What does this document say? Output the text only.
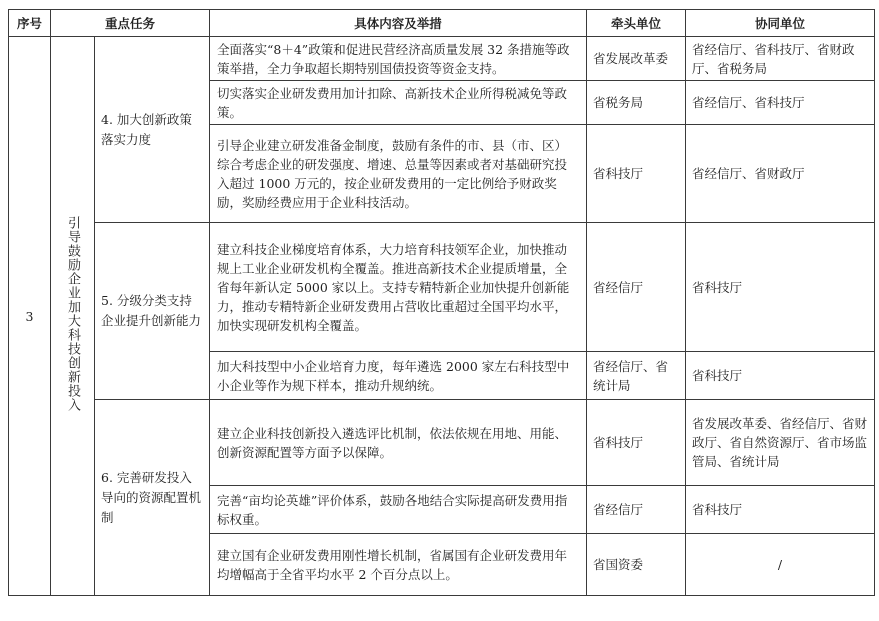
序号	重点任务		具体内容及举措	牵头单位	协同单位
3	引导鼓励企业加大科技创新投入	4. 加大创新政策落实力度	全面落实“8＋4”政策和促进民营经济高质量发展 32 条措施等政策举措，全力争取超长期特别国债投资等资金支持。	省发展改革委	省经信厅、省科技厅、省财政厅、省税务局
			切实落实企业研发费用加计扣除、高新技术企业所得税减免等政策。	省税务局	省经信厅、省科技厅
			引导企业建立研发准备金制度，鼓励有条件的市、县（市、区）综合考虑企业的研发强度、增速、总量等因素或者对基础研究投入超过 1000 万元的，按企业研发费用的一定比例给予财政奖励，奖励经费应用于企业科技活动。	省科技厅	省经信厅、省财政厅
		5. 分级分类支持企业提升创新能力	建立科技企业梯度培育体系，大力培育科技领军企业，加快推动规上工业企业研发机构全覆盖。推进高新技术企业提质增量，全省每年新认定 5000 家以上。支持专精特新企业加快提升创新能力，推动专精特新企业研发费用占营收比重超过全国平均水平，加快实现研发机构全覆盖。	省经信厅	省科技厅
			加大科技型中小企业培育力度，每年遴选 2000 家左右科技型中小企业等作为规下样本，推动升规纳统。	省经信厅、省统计局	省科技厅
		6. 完善研发投入导向的资源配置机制	建立企业科技创新投入遴选评比机制，依法依规在用地、用能、创新资源配置等方面予以保障。	省科技厅	省发展改革委、省经信厅、省财政厅、省自然资源厅、省市场监管局、省统计局
			完善“亩均论英雄”评价体系，鼓励各地结合实际提高研发费用指标权重。	省经信厅	省科技厅
			建立国有企业研发费用刚性增长机制，省属国有企业研发费用年均增幅高于全省平均水平 2 个百分点以上。	省国资委	/
